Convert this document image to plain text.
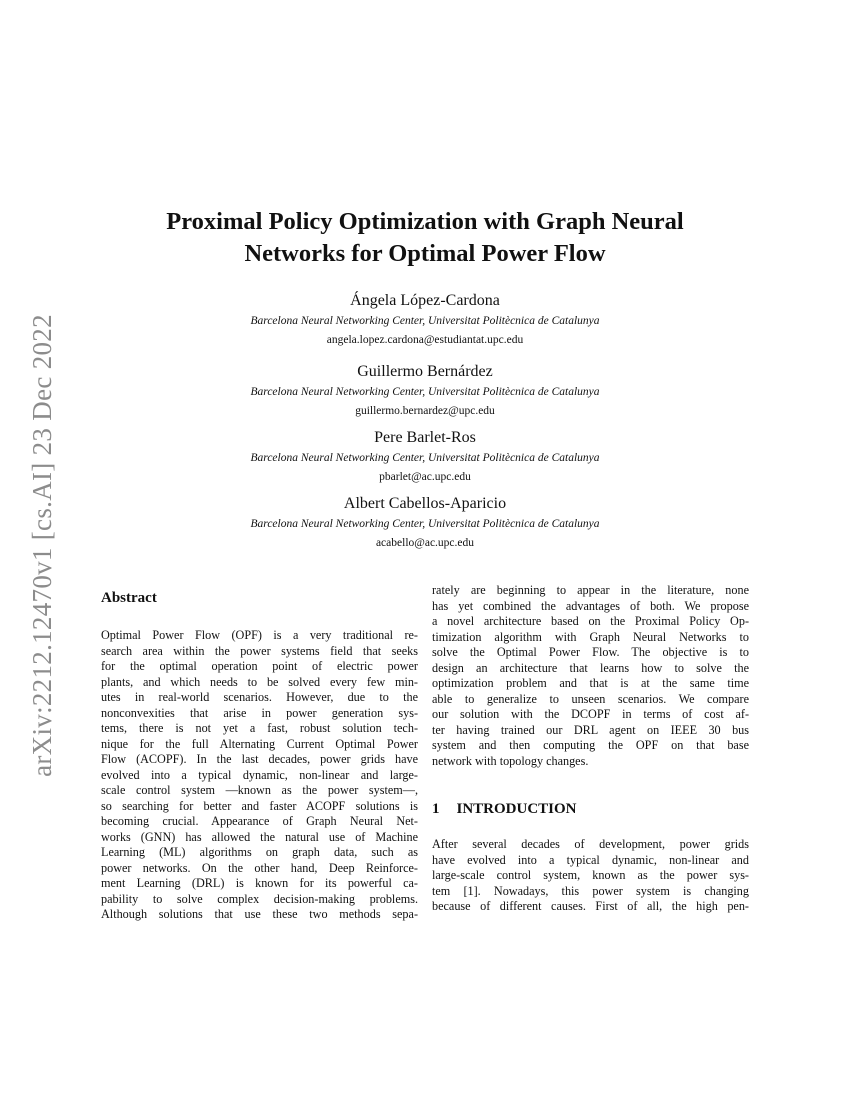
arXiv:2212.12470v1 [cs.AI] 23 Dec 2022
Proximal Policy Optimization with Graph Neural
Networks for Optimal Power Flow
Ángela López-Cardona
Barcelona Neural Networking Center, Universitat Politècnica de Catalunya
angela.lopez.cardona@estudiantat.upc.edu
Guillermo Bernárdez
Barcelona Neural Networking Center, Universitat Politècnica de Catalunya
guillermo.bernardez@upc.edu
Pere Barlet-Ros
Barcelona Neural Networking Center, Universitat Politècnica de Catalunya
pbarlet@ac.upc.edu
Albert Cabellos-Aparicio
Barcelona Neural Networking Center, Universitat Politècnica de Catalunya
acabello@ac.upc.edu
Abstract
Optimal Power Flow (OPF) is a very traditional re-
search area within the power systems field that seeks
for the optimal operation point of electric power
plants, and which needs to be solved every few min-
utes in real-world scenarios. However, due to the
nonconvexities that arise in power generation sys-
tems, there is not yet a fast, robust solution tech-
nique for the full Alternating Current Optimal Power
Flow (ACOPF). In the last decades, power grids have
evolved into a typical dynamic, non-linear and large-
scale control system —known as the power system—,
so searching for better and faster ACOPF solutions is
becoming crucial. Appearance of Graph Neural Net-
works (GNN) has allowed the natural use of Machine
Learning (ML) algorithms on graph data, such as
power networks. On the other hand, Deep Reinforce-
ment Learning (DRL) is known for its powerful ca-
pability to solve complex decision-making problems.
Although solutions that use these two methods sepa-
rately are beginning to appear in the literature, none
has yet combined the advantages of both. We propose
a novel architecture based on the Proximal Policy Op-
timization algorithm with Graph Neural Networks to
solve the Optimal Power Flow. The objective is to
design an architecture that learns how to solve the
optimization problem and that is at the same time
able to generalize to unseen scenarios. We compare
our solution with the DCOPF in terms of cost af-
ter having trained our DRL agent on IEEE 30 bus
system and then computing the OPF on that base
network with topology changes.
1 INTRODUCTION
After several decades of development, power grids
have evolved into a typical dynamic, non-linear and
large-scale control system, known as the power sys-
tem [1]. Nowadays, this power system is changing
because of different causes. First of all, the high pen-
